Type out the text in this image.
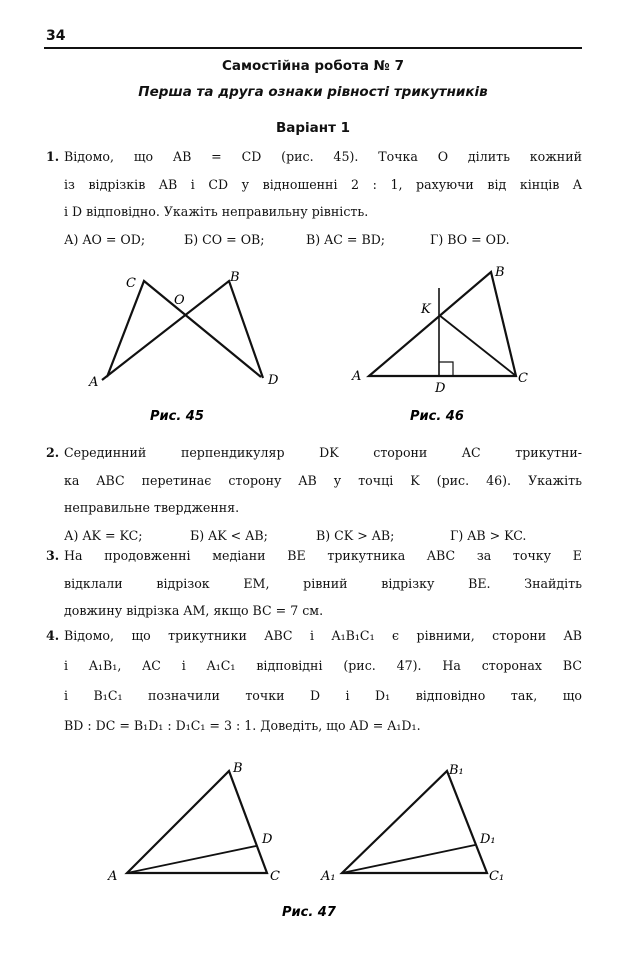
34
Самостійна робота № 7
Перша та друга ознаки рівності трикутників
Варіант 1
1. Відомо, що AB = CD (рис. 45). Точка O ділить кожний
із відрізків AB і CD у відношенні 2 : 1, рахуючи від кінців A
і D відповідно. Укажіть неправильну рівність.
А) AO = OD;	Б) CO = OB;	В) AC = BD;	Г) BO = OD.
C
O
B
A	D
Рис. 45
B
K
A
D
C
Рис. 46
B
D
A	C
B₁
D₁
A₁	C₁
Рис. 47
2. Серединний перпендикуляр DK сторони AC трикутни-
ка ABC перетинає сторону AB у точці K (рис. 46). Укажіть
неправильне твердження.
А) AK = KC;	Б) AK < AB;	В) CK > AB;	Г) AB > KC.
3. На продовженні медіани BE трикутника ABC за точку E
відклали відрізок EM, рівний відрізку BE. Знайдіть
довжину відрізка AM, якщо BC = 7 см.
4. Відомо, що трикутники ABC і A₁B₁C₁ є рівними, сторони AB
і A₁B₁, AC і A₁C₁ відповідні (рис. 47). На сторонах BC
і B₁C₁ позначили точки D і D₁ відповідно так, що
BD : DC = B₁D₁ : D₁C₁ = 3 : 1. Доведіть, що AD = A₁D₁.
